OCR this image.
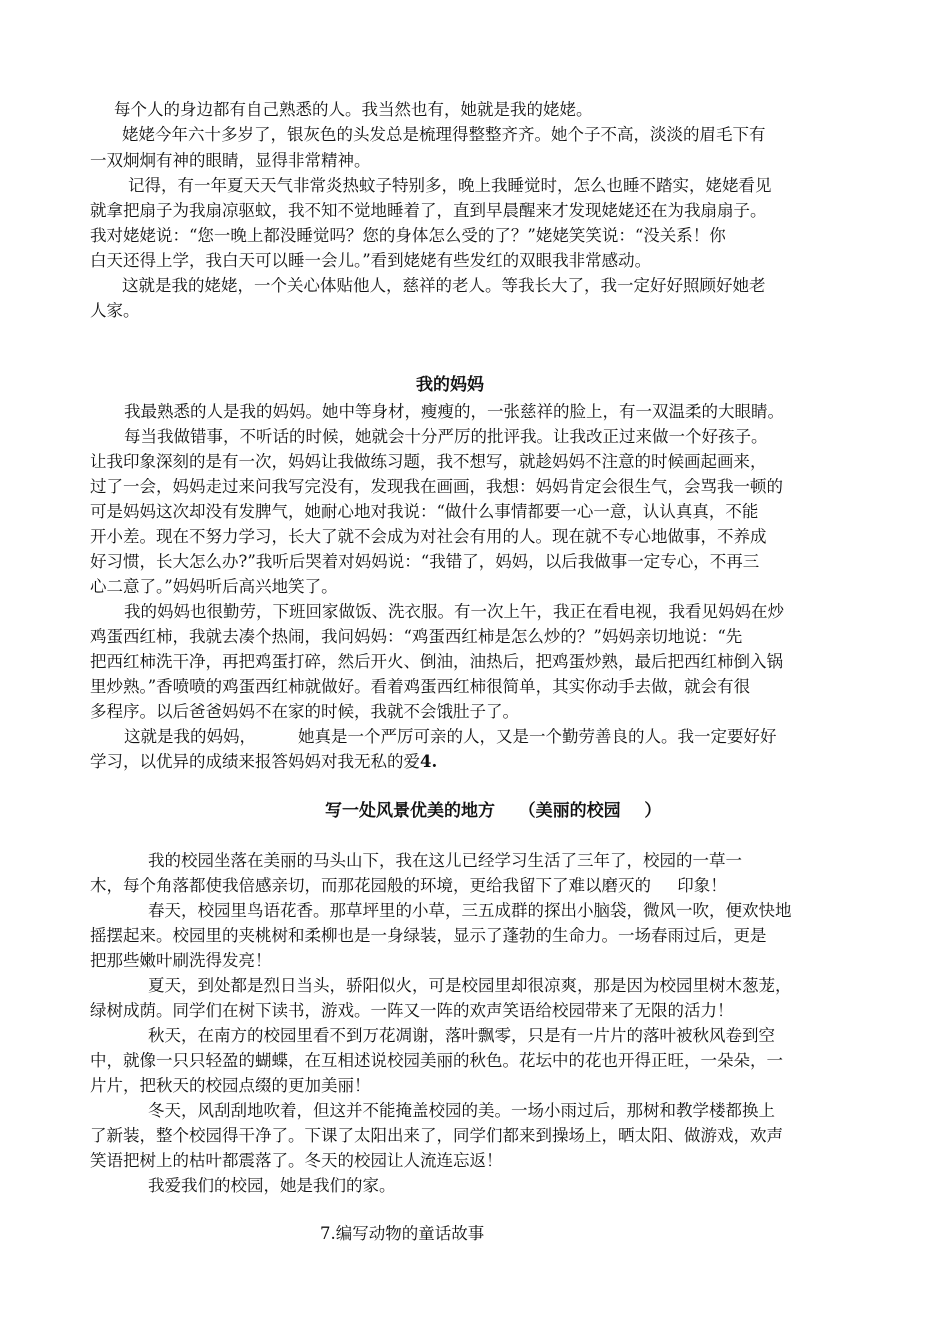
每个人的身边都有自己熟悉的人。我当然也有，她就是我的姥姥。
姥姥今年六十多岁了，银灰色的头发总是梳理得整整齐齐。她个子不高，淡淡的眉毛下有
一双炯炯有神的眼睛，显得非常精神。
记得，有一年夏天天气非常炎热蚊子特别多，晚上我睡觉时，怎么也睡不踏实，姥姥看见
就拿把扇子为我扇凉驱蚊，我不知不觉地睡着了，直到早晨醒来才发现姥姥还在为我扇扇子。
我对姥姥说：“您一晚上都没睡觉吗？您的身体怎么受的了？”姥姥笑笑说：“没关系！你
白天还得上学，我白天可以睡一会儿。”看到姥姥有些发红的双眼我非常感动。
这就是我的姥姥，一个关心体贴他人，慈祥的老人。等我长大了，我一定好好照顾好她老
人家。
我的妈妈
我最熟悉的人是我的妈妈。她中等身材，瘦瘦的，一张慈祥的脸上，有一双温柔的大眼睛。
每当我做错事，不听话的时候，她就会十分严厉的批评我。让我改正过来做一个好孩子。
让我印象深刻的是有一次，妈妈让我做练习题，我不想写，就趁妈妈不注意的时候画起画来，
过了一会，妈妈走过来问我写完没有，发现我在画画，我想：妈妈肯定会很生气，会骂我一顿的
可是妈妈这次却没有发脾气，她耐心地对我说：“做什么事情都要一心一意，认认真真，不能
开小差。现在不努力学习，长大了就不会成为对社会有用的人。现在就不专心地做事，不养成
好习惯，长大怎么办?”我听后哭着对妈妈说：“我错了，妈妈，以后我做事一定专心，不再三
心二意了。”妈妈听后高兴地笑了。
我的妈妈也很勤劳，下班回家做饭、洗衣服。有一次上午，我正在看电视，我看见妈妈在炒
鸡蛋西红柿，我就去凑个热闹，我问妈妈：“鸡蛋西红柿是怎么炒的？”妈妈亲切地说：“先
把西红柿洗干净，再把鸡蛋打碎，然后开火、倒油，油热后，把鸡蛋炒熟，最后把西红柿倒入锅
里炒熟。”香喷喷的鸡蛋西红柿就做好。看着鸡蛋西红柿很简单，其实你动手去做，就会有很
多程序。以后爸爸妈妈不在家的时候，我就不会饿肚子了。
这就是我的妈妈，        她真是一个严厉可亲的人，又是一个勤劳善良的人。我一定要好好
学习，以优异的成绩来报答妈妈对我无私的爱4.
写一处风景优美的地方    （美丽的校园    ）
我的校园坐落在美丽的马头山下，我在这儿已经学习生活了三年了，校园的一草一
木，每个角落都使我倍感亲切，而那花园般的环境，更给我留下了难以磨灭的     印象！
春天，校园里鸟语花香。那草坪里的小草，三五成群的探出小脑袋，微风一吹，便欢快地
摇摆起来。校园里的夹桃树和柔柳也是一身绿装，显示了蓬勃的生命力。一场春雨过后，更是
把那些嫩叶刷洗得发亮！
夏天，到处都是烈日当头，骄阳似火，可是校园里却很凉爽，那是因为校园里树木葱茏，
绿树成荫。同学们在树下读书，游戏。一阵又一阵的欢声笑语给校园带来了无限的活力！
秋天，在南方的校园里看不到万花凋谢，落叶飘零，只是有一片片的落叶被秋风卷到空
中，就像一只只轻盈的蝴蝶，在互相述说校园美丽的秋色。花坛中的花也开得正旺，一朵朵，一
片片，把秋天的校园点缀的更加美丽！
冬天，风刮刮地吹着，但这并不能掩盖校园的美。一场小雨过后，那树和教学楼都换上
了新装，整个校园得干净了。下课了太阳出来了，同学们都来到操场上，晒太阳、做游戏，欢声
笑语把树上的枯叶都震落了。冬天的校园让人流连忘返！
我爱我们的校园，她是我们的家。
7.编写动物的童话故事
